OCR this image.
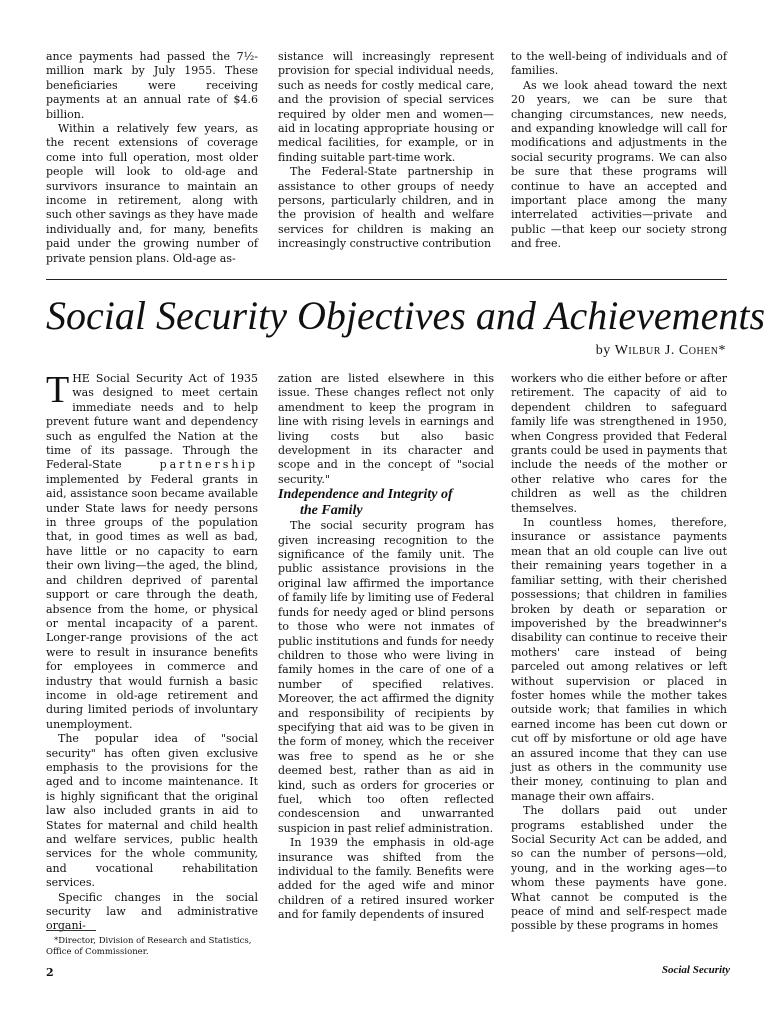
ance payments had passed the 7½-million mark by July 1955. These beneficiaries were receiving payments at an annual rate of $4.6 billion.

Within a relatively few years, as the recent extensions of coverage come into full operation, most older people will look to old-age and survivors insurance to maintain an income in retirement, along with such other savings as they have made individually and, for many, benefits paid under the growing number of private pension plans. Old-age as-

sistance will increasingly represent provision for special individual needs, such as needs for costly medical care, and the provision of special services required by older men and women—aid in locating appropriate housing or medical facilities, for example, or in finding suitable part-time work.

The Federal-State partnership in assistance to other groups of needy persons, particularly children, and in the provision of health and welfare services for children is making an increasingly constructive contribution

to the well-being of individuals and of families.

As we look ahead toward the next 20 years, we can be sure that changing circumstances, new needs, and expanding knowledge will call for modifications and adjustments in the social security programs. We can also be sure that these programs will continue to have an accepted and important place among the many interrelated activities—private and public —that keep our society strong and free.

Social Security Objectives and Achievements
by Wilbur J. Cohen*

T HE Social Security Act of 1935 was designed to meet certain immediate needs and to help prevent future want and dependency such as engulfed the Nation at the time of its passage. Through the Federal-State	partnership implemented by Federal grants in aid, assistance soon became available under State laws for needy persons in three groups of the population that, in good times as well as bad, have little or no capacity to earn their own living—the aged, the blind, and children deprived of parental support or care through the death, absence from the home, or physical or mental incapacity of a parent. Longer-range provisions of the act were to result in insurance benefits for employees in commerce and industry that would furnish a basic income in old-age retirement and during limited periods of involuntary unemployment.

The popular idea of "social security" has often given exclusive emphasis to the provisions for the aged and to income maintenance. It is highly significant that the original law also included grants in aid to States for maternal and child health and welfare services, public health services for the whole community, and vocational rehabilitation services.

Specific changes in the social security law and administrative organi-

zation are listed elsewhere in this issue. These changes reflect not only amendment to keep the program in line with rising levels in earnings and living costs but also basic development in its character and scope and in the concept of "social security."

Independence and Integrity of
the Family

The social security program has given increasing recognition to the significance of the family unit. The public assistance provisions in the original law affirmed the importance of family life by limiting use of Federal funds for needy aged or blind persons to those who were not inmates of public institutions and funds for needy children to those who were living in family homes in the care of one of a number of specified relatives. Moreover, the act affirmed the dignity and responsibility of recipients by specifying that aid was to be given in the form of money, which the receiver was free to spend as he or she deemed best, rather than as aid in kind, such as orders for groceries or fuel, which too often reflected condescension and unwarranted suspicion in past relief administration.

In 1939 the emphasis in old-age insurance was shifted from the individual to the family. Benefits were added for the aged wife and minor children of a retired insured worker and for family dependents of insured

workers who die either before or after retirement. The capacity of aid to dependent children to safeguard family life was strengthened in 1950, when Congress provided that Federal grants could be used in payments that include the needs of the mother or other relative who cares for the children as well as the children themselves.

In countless homes, therefore, insurance or assistance payments mean that an old couple can live out their remaining years together in a familiar setting, with their cherished possessions; that children in families broken by death or separation or impoverished by the breadwinner's disability can continue to receive their mothers' care instead of being parceled out among relatives or left without supervision or placed in foster homes while the mother takes outside work; that families in which earned income has been cut down or cut off by misfortune or old age have an assured income that they can use just as others in the community use their money, continuing to plan and manage their own affairs.

The dollars paid out under programs established under the Social Security Act can be added, and so can the number of persons—old, young, and in the working ages—to whom these payments have gone. What cannot be computed is the peace of mind and self-respect made possible by these programs in homes

*Director, Division of Research and Statistics, Office of Commissioner.
2	Social Security
